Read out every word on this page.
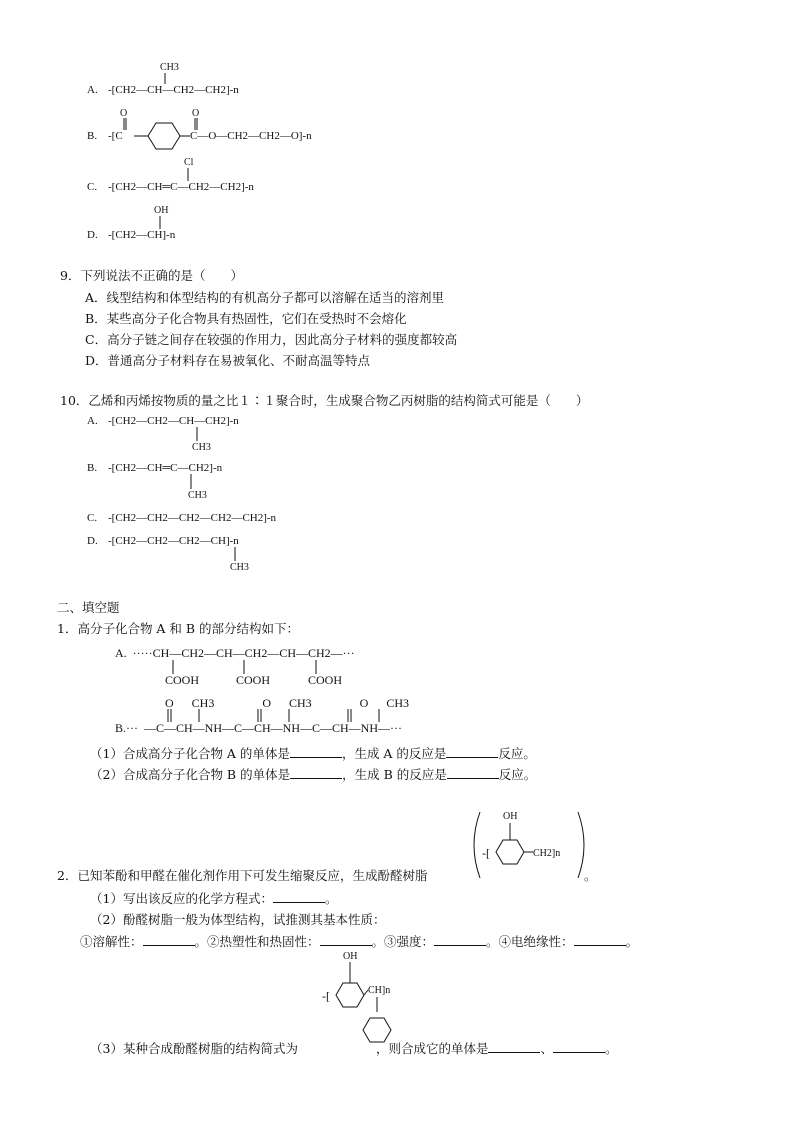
CH3
A. -[CH2—CH—CH2—CH2]-n
O	O
B. -[C	C—O—CH2—CH2—O]-n
Cl
C. -[CH2—CH═C—CH2—CH2]-n
OH
D. -[CH2—CH]-n
9．下列说法不正确的是（　　）
A．线型结构和体型结构的有机高分子都可以溶解在适当的溶剂里
B．某些高分子化合物具有热固性，它们在受热时不会熔化
C．高分子链之间存在较强的作用力，因此高分子材料的强度都较高
D．普通高分子材料存在易被氧化、不耐高温等特点
10．乙烯和丙烯按物质的量之比１∶１聚合时，生成聚合物乙丙树脂的结构简式可能是（　　）
A. -[CH2—CH2—CH—CH2]-n
CH3
B. -[CH2—CH═C—CH2]-n
CH3
C. -[CH2—CH2—CH2—CH2—CH2]-n
D. -[CH2—CH2—CH2—CH]-n
CH3
二、填空题
1．高分子化合物 A 和 B 的部分结构如下：
A.  ·····CH—CH2—CH—CH2—CH—CH2—···
COOH	COOH	COOH
O      CH3                O      CH3                O      CH3
B.···  —C—CH—NH—C—CH—NH—C—CH—NH—···
（1）合成高分子化合物 A 的单体是	，生成 A 的反应是	反应。
（2）合成高分子化合物 B 的单体是	，生成 B 的反应是	反应。
2．已知苯酚和甲醛在催化剂作用下可发生缩聚反应，生成酚醛树脂
OH
CH2]n
。
（1）写出该反应的化学方程式：	。
（2）酚醛树脂一般为体型结构，试推测其基本性质：
①溶解性：	。②热塑性和热固性：	。③强度：	。④电绝缘性：	。
OH
CH]n
（3）某种合成酚醛树脂的结构简式为	，则合成它的单体是	、	。
-[
-[
